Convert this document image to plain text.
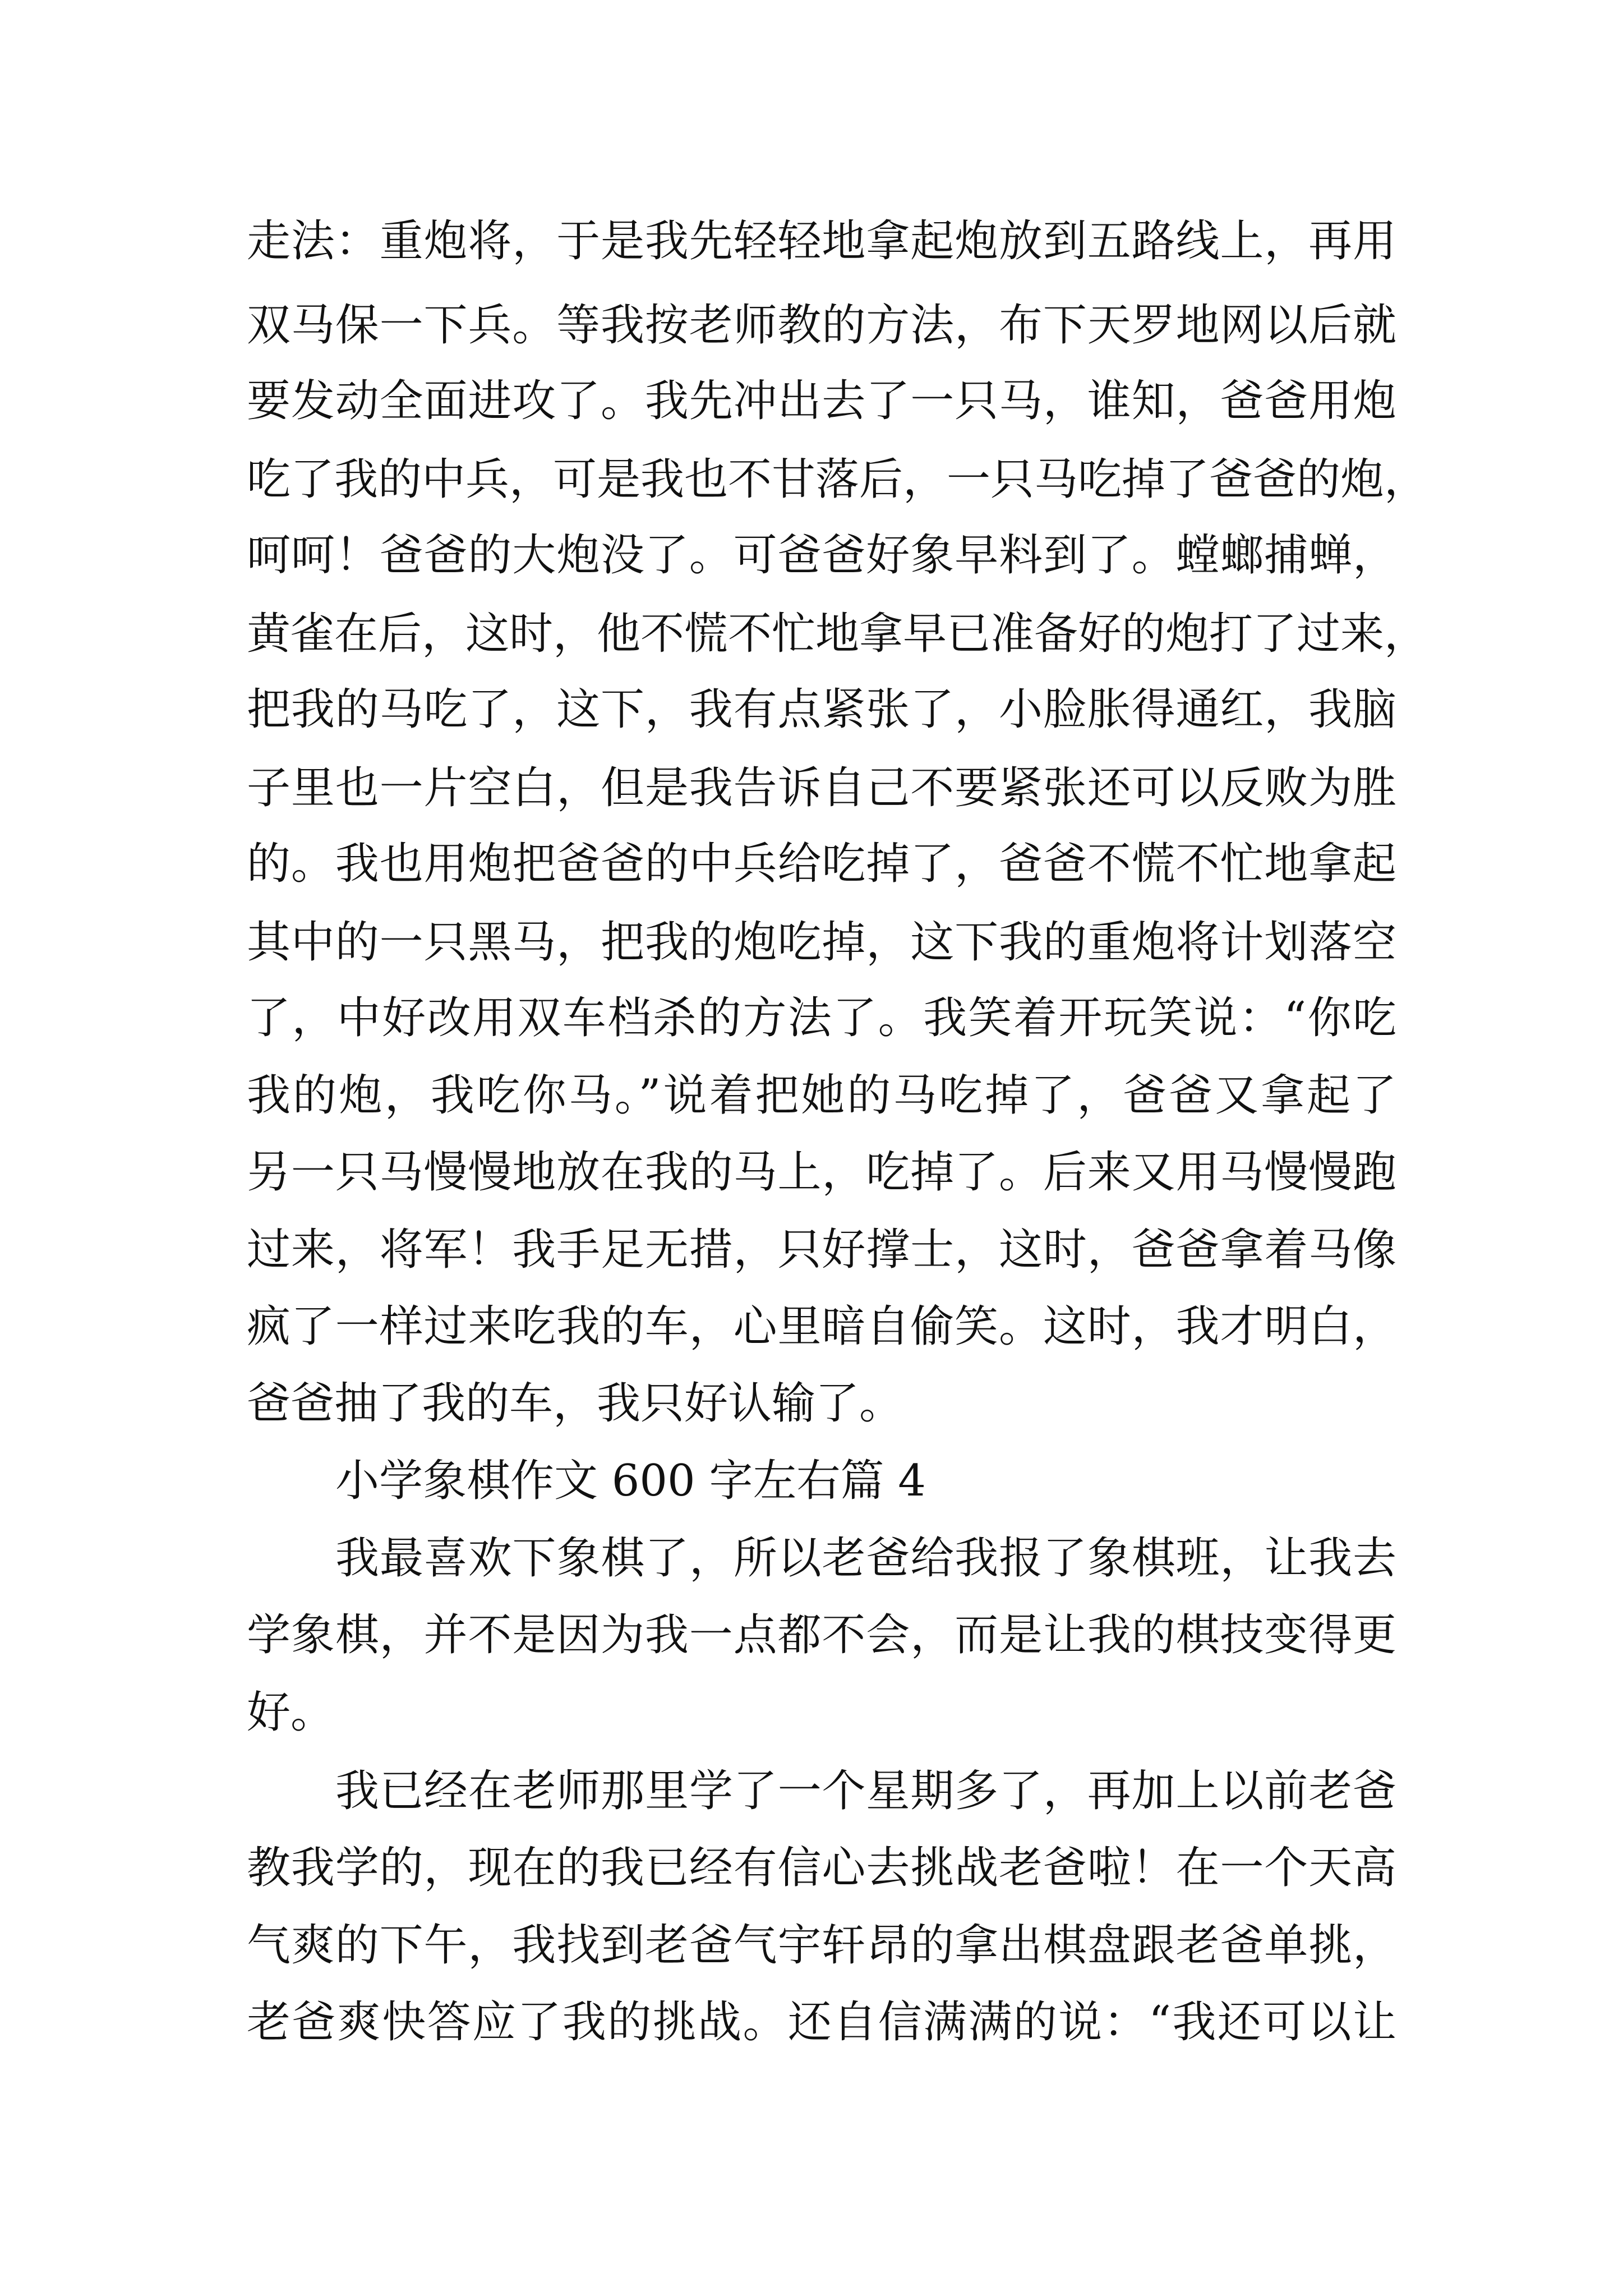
走法：重炮将，于是我先轻轻地拿起炮放到五路线上，再用
双马保一下兵。等我按老师教的方法，布下天罗地网以后就
要发动全面进攻了。我先冲出去了一只马，谁知，爸爸用炮
吃了我的中兵，可是我也不甘落后，一只马吃掉了爸爸的炮，
呵呵！爸爸的大炮没了。可爸爸好象早料到了。螳螂捕蝉，
黄雀在后，这时，他不慌不忙地拿早已准备好的炮打了过来，
把我的马吃了，这下，我有点紧张了，小脸胀得通红，我脑
子里也一片空白，但是我告诉自己不要紧张还可以反败为胜
的。我也用炮把爸爸的中兵给吃掉了，爸爸不慌不忙地拿起
其中的一只黑马，把我的炮吃掉，这下我的重炮将计划落空
了，中好改用双车档杀的方法了。我笑着开玩笑说：“你吃
我的炮，我吃你马。”说着把她的马吃掉了，爸爸又拿起了
另一只马慢慢地放在我的马上，吃掉了。后来又用马慢慢跑
过来，将军！我手足无措，只好撑士，这时，爸爸拿着马像
疯了一样过来吃我的车，心里暗自偷笑。这时，我才明白，
爸爸抽了我的车，我只好认输了。
小学象棋作文 600 字左右篇 4
我最喜欢下象棋了，所以老爸给我报了象棋班，让我去
学象棋，并不是因为我一点都不会，而是让我的棋技变得更
好。
我已经在老师那里学了一个星期多了，再加上以前老爸
教我学的，现在的我已经有信心去挑战老爸啦！在一个天高
气爽的下午，我找到老爸气宇轩昂的拿出棋盘跟老爸单挑，
老爸爽快答应了我的挑战。还自信满满的说：“我还可以让
